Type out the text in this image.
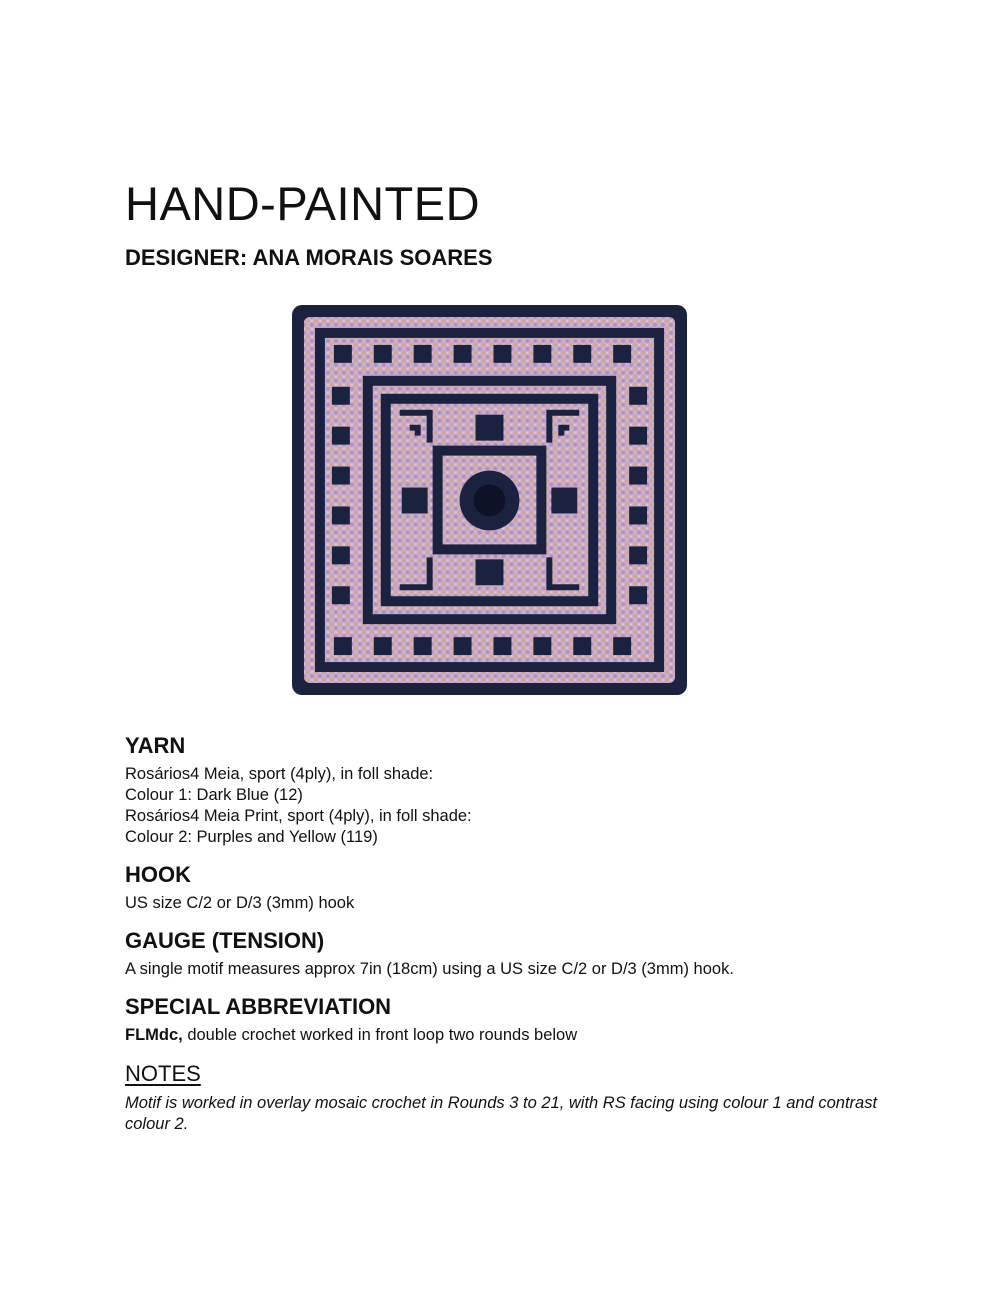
HAND-PAINTED
DESIGNER: ANA MORAIS SOARES
YARN

Rosários4 Meia, sport (4ply), in foll shade:
Colour 1: Dark Blue (12)
Rosários4 Meia Print, sport (4ply), in foll shade:
Colour 2: Purples and Yellow (119)

HOOK

US size C/2 or D/3 (3mm) hook

GAUGE (TENSION)

A single motif measures approx 7in (18cm) using a US size C/2 or D/3 (3mm) hook.

SPECIAL ABBREVIATION

FLMdc, double crochet worked in front loop two rounds below

NOTES

Motif is worked in overlay mosaic crochet in Rounds 3 to 21, with RS facing using colour 1 and contrast colour 2.
